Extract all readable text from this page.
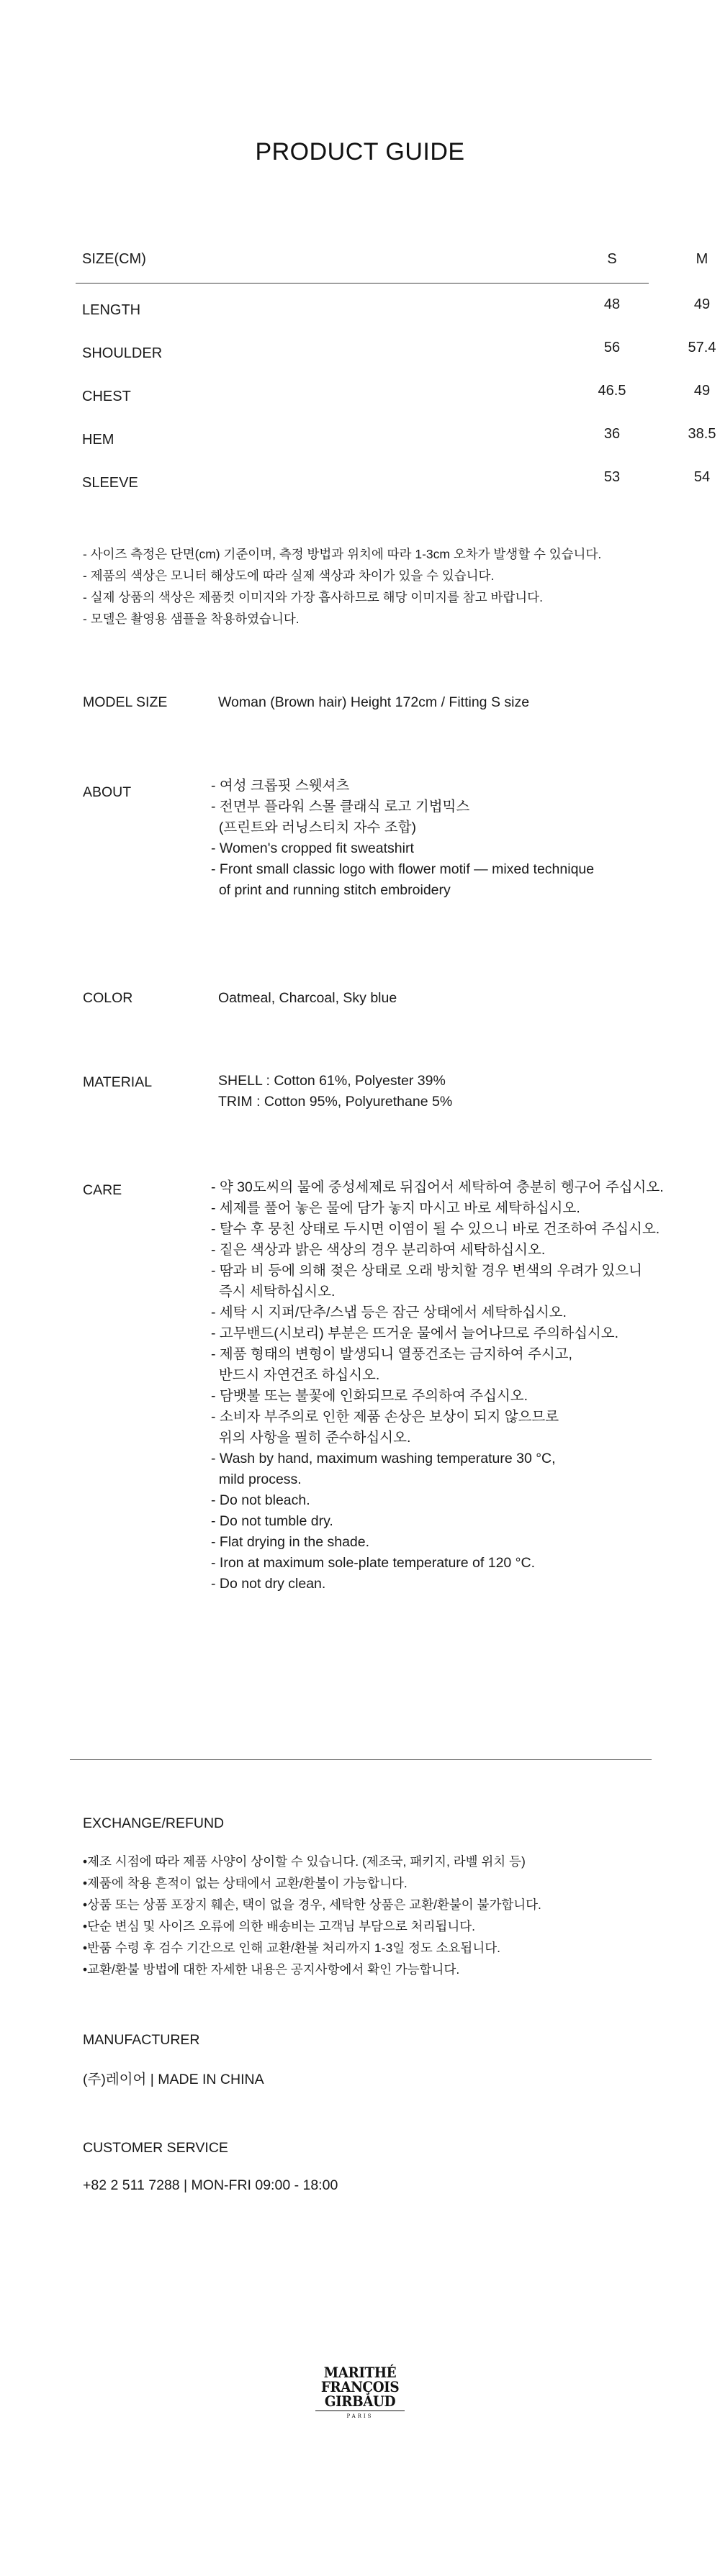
PRODUCT GUIDE
SIZE(CM)	S	M
LENGTH	48	49
SHOULDER	56	57.4
CHEST	46.5	49
HEM	36	38.5
SLEEVE	53	54
- 사이즈 측정은 단면(cm) 기준이며, 측정 방법과 위치에 따라 1-3cm 오차가 발생할 수 있습니다.
- 제품의 색상은 모니터 해상도에 따라 실제 색상과 차이가 있을 수 있습니다.
- 실제 상품의 색상은 제품컷 이미지와 가장 흡사하므로 해당 이미지를 참고 바랍니다.
- 모델은 촬영용 샘플을 착용하였습니다.
MODEL SIZE	Woman (Brown hair) Height 172cm / Fitting S size
ABOUT	- 여성 크롭핏 스웻셔츠
- 전면부 플라워 스몰 클래식 로고 기법믹스
(프린트와 러닝스티치 자수 조합)
- Women's cropped fit sweatshirt
- Front small classic logo with flower motif — mixed technique
of print and running stitch embroidery
COLOR	Oatmeal, Charcoal, Sky blue
MATERIAL	SHELL : Cotton 61%, Polyester 39%
TRIM : Cotton 95%, Polyurethane 5%
CARE	- 약 30도씨의 물에 중성세제로 뒤집어서 세탁하여 충분히 헹구어 주십시오.
- 세제를 풀어 놓은 물에 담가 놓지 마시고 바로 세탁하십시오.
- 탈수 후 뭉친 상태로 두시면 이염이 될 수 있으니 바로 건조하여 주십시오.
- 짙은 색상과 밝은 색상의 경우 분리하여 세탁하십시오.
- 땀과 비 등에 의해 젖은 상태로 오래 방치할 경우 변색의 우려가 있으니
즉시 세탁하십시오.
- 세탁 시 지퍼/단추/스냅 등은 잠근 상태에서 세탁하십시오.
- 고무밴드(시보리) 부분은 뜨거운 물에서 늘어나므로 주의하십시오.
- 제품 형태의 변형이 발생되니 열풍건조는 금지하여 주시고,
반드시 자연건조 하십시오.
- 담뱃불 또는 불꽃에 인화되므로 주의하여 주십시오.
- 소비자 부주의로 인한 제품 손상은 보상이 되지 않으므로
위의 사항을 필히 준수하십시오.
- Wash by hand, maximum washing temperature 30 °C,
mild process.
- Do not bleach.
- Do not tumble dry.
- Flat drying in the shade.
- Iron at maximum sole-plate temperature of 120 °C.
- Do not dry clean.
EXCHANGE/REFUND
•제조 시점에 따라 제품 사양이 상이할 수 있습니다. (제조국, 패키지, 라벨 위치 등)
•제품에 착용 흔적이 없는 상태에서 교환/환불이 가능합니다.
•상품 또는 상품 포장지 훼손, 택이 없을 경우, 세탁한 상품은 교환/환불이 불가합니다.
•단순 변심 및 사이즈 오류에 의한 배송비는 고객님 부담으로 처리됩니다.
•반품 수령 후 검수 기간으로 인해 교환/환불 처리까지 1-3일 정도 소요됩니다.
•교환/환불 방법에 대한 자세한 내용은 공지사항에서 확인 가능합니다.
MANUFACTURER
(주)레이어 | MADE IN CHINA
CUSTOMER SERVICE
+82 2 511 7288 | MON-FRI 09:00 - 18:00
MARITHÉ
FRANÇOIS
GIRBAUD
PARIS
